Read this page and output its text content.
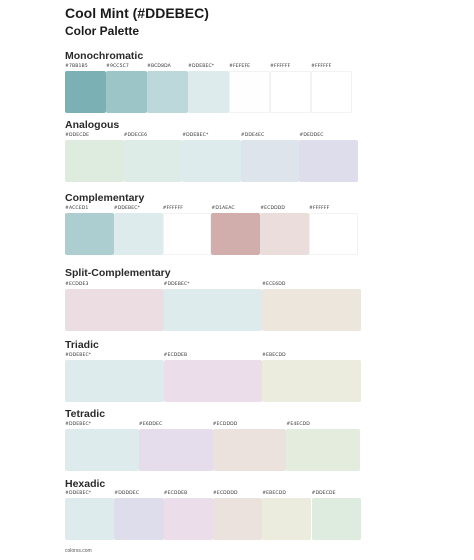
Cool Mint (#DDEBEC)
Color Palette
Monochromatic
#7BB1B5	#9CC5C7	#BCD8DA	#DDEBEC*	#FEFEFE	#FFFFFF	#FFFFFF
Analogous
#DDECDE	#DDECE6	#DDEBEC*	#DDE4EC	#DEDDEC
Complementary
#ACCED1	#DDEBEC*	#FFFFFF	#D1AEAC	#ECDDDD	#FFFFFF
Split-Complementary
#ECDDE3	#DDEBEC*	#ECE6DD
Triadic
#DDEBEC*	#ECDDEB	#EBECDD
Tetradic
#DDEBEC*	#E6DDEC	#ECDDDD	#E4ECDD
Hexadic
#DDEBEC*	#DDDDEC	#ECDDEB	#ECDDDD	#EBECDD	#DDECDE
colorxs.com
